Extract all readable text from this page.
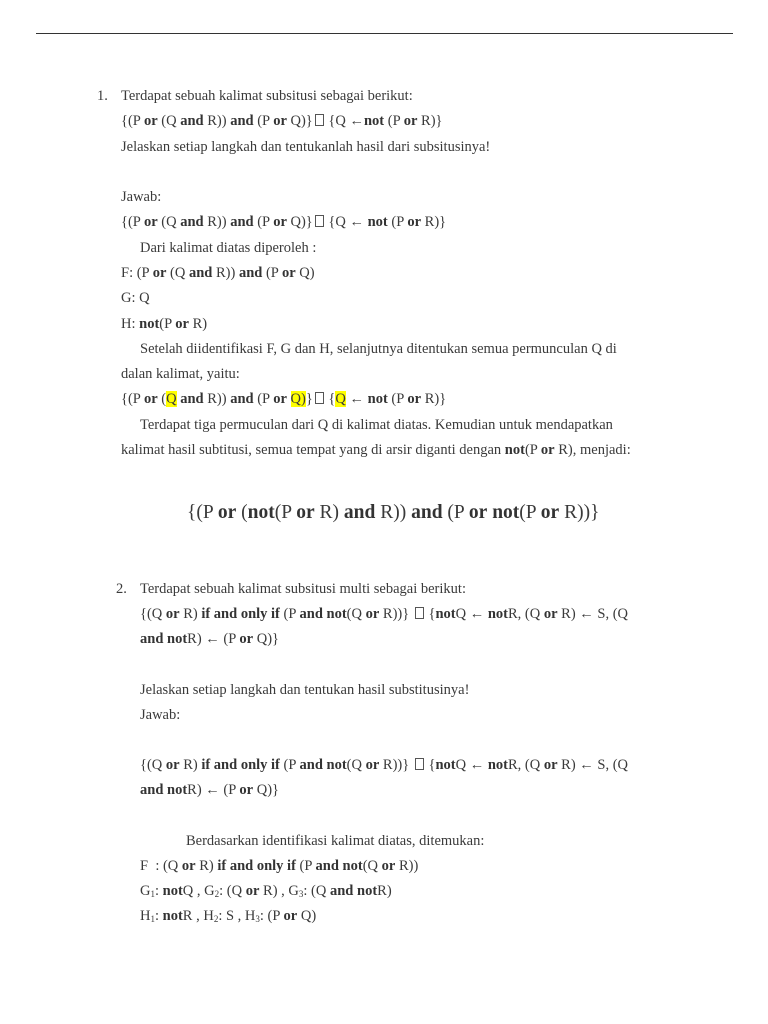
1. Terdapat sebuah kalimat subsitusi sebagai berikut:
{(P or (Q and R)) and (P or Q)} {Q ←not (P or R)}
Jelaskan setiap langkah dan tentukanlah hasil dari subsitusinya!
Jawab:
{(P or (Q and R)) and (P or Q)} {Q ← not (P or R)}
Dari kalimat diatas diperoleh :
F: (P or (Q and R)) and (P or Q)
G: Q
H: not(P or R)
Setelah diidentifikasi F, G dan H, selanjutnya ditentukan semua permunculan Q di
dalan kalimat, yaitu:
{(P or (Q and R)) and (P or Q)} {Q ← not (P or R)}
Terdapat tiga permuculan dari Q di kalimat diatas. Kemudian untuk mendapatkan
kalimat hasil subtitusi, semua tempat yang di arsir diganti dengan not(P or R), menjadi:
{(P or (not(P or R) and R)) and (P or not(P or R))}
2. Terdapat sebuah kalimat subsitusi multi sebagai berikut:
{(Q or R) if and only if (P and not(Q or R))}  {notQ ← notR, (Q or R) ← S, (Q
and notR) ← (P or Q)}
Jelaskan setiap langkah dan tentukan hasil substitusinya!
Jawab:
{(Q or R) if and only if (P and not(Q or R))}  {notQ ← notR, (Q or R) ← S, (Q
and notR) ← (P or Q)}
Berdasarkan identifikasi kalimat diatas, ditemukan:
F  : (Q or R) if and only if (P and not(Q or R))
$G_1$: notQ , $G_2$: (Q or R) , $G_3$: (Q and notR)
$H_1$: notR , $H_2$: S , $H_3$: (P or Q)
